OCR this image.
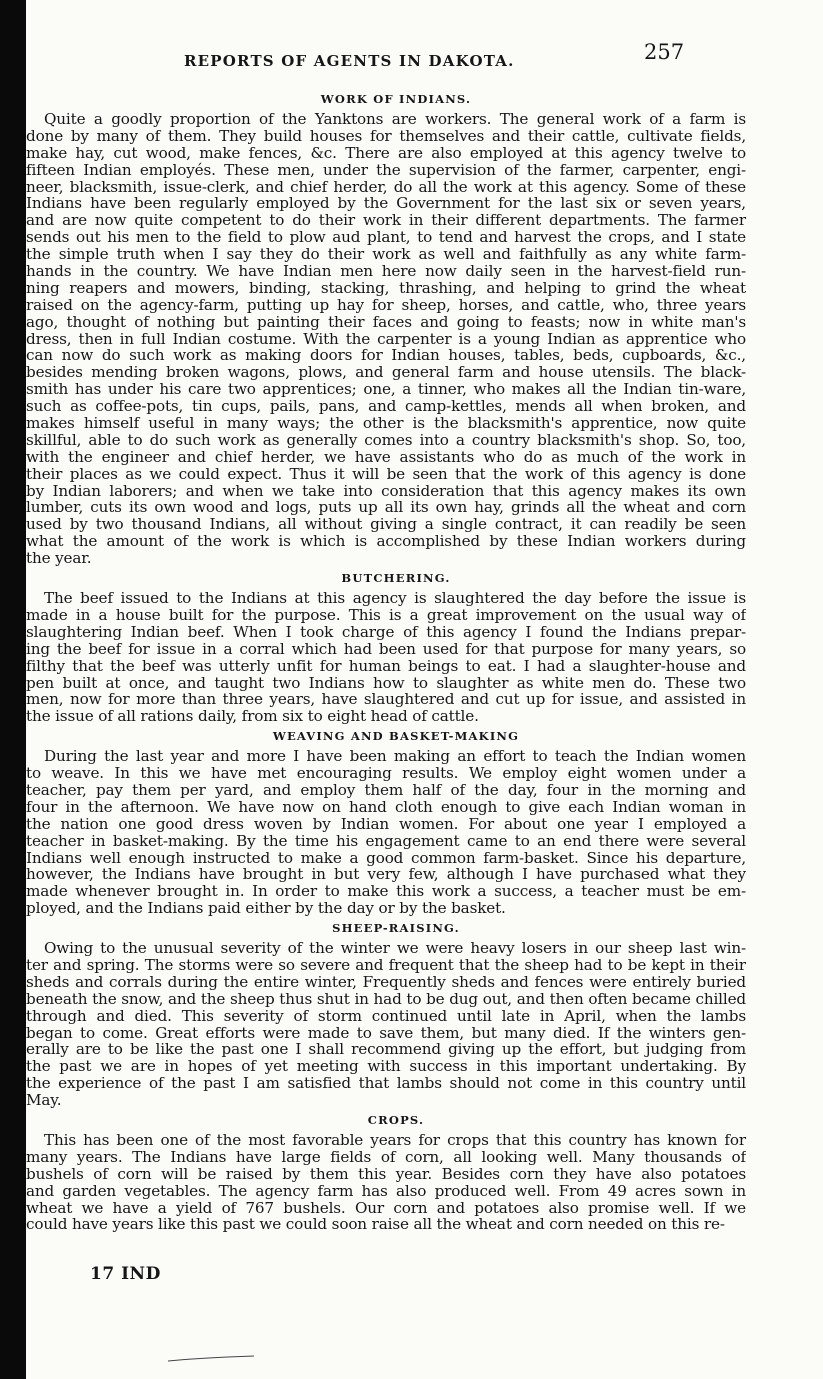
REPORTS OF AGENTS IN DAKOTA.	257
WORK OF INDIANS.
Quite a goodly proportion of the Yanktons are workers. The general work of a farm is
done by many of them. They build houses for themselves and their cattle, cultivate fields,
make hay, cut wood, make fences, &c. There are also employed at this agency twelve to
fifteen Indian employés. These men, under the supervision of the farmer, carpenter, engi-
neer, blacksmith, issue-clerk, and chief herder, do all the work at this agency. Some of these
Indians have been regularly employed by the Government for the last six or seven years,
and are now quite competent to do their work in their different departments. The farmer
sends out his men to the field to plow aud plant, to tend and harvest the crops, and I state
the simple truth when I say they do their work as well and faithfully as any white farm-
hands in the country. We have Indian men here now daily seen in the harvest-field run-
ning reapers and mowers, binding, stacking, thrashing, and helping to grind the wheat
raised on the agency-farm, putting up hay for sheep, horses, and cattle, who, three years
ago, thought of nothing but painting their faces and going to feasts; now in white man's
dress, then in full Indian costume. With the carpenter is a young Indian as apprentice who
can now do such work as making doors for Indian houses, tables, beds, cupboards, &c.,
besides mending broken wagons, plows, and general farm and house utensils. The black-
smith has under his care two apprentices; one, a tinner, who makes all the Indian tin-ware,
such as coffee-pots, tin cups, pails, pans, and camp-kettles, mends all when broken, and
makes himself useful in many ways; the other is the blacksmith's apprentice, now quite
skillful, able to do such work as generally comes into a country blacksmith's shop. So, too,
with the engineer and chief herder, we have assistants who do as much of the work in
their places as we could expect. Thus it will be seen that the work of this agency is done
by Indian laborers; and when we take into consideration that this agency makes its own
lumber, cuts its own wood and logs, puts up all its own hay, grinds all the wheat and corn
used by two thousand Indians, all without giving a single contract, it can readily be seen
what the amount of the work is which is accomplished by these Indian workers during
the year.
BUTCHERING.
The beef issued to the Indians at this agency is slaughtered the day before the issue is
made in a house built for the purpose. This is a great improvement on the usual way of
slaughtering Indian beef. When I took charge of this agency I found the Indians prepar-
ing the beef for issue in a corral which had been used for that purpose for many years, so
filthy that the beef was utterly unfit for human beings to eat. I had a slaughter-house and
pen built at once, and taught two Indians how to slaughter as white men do. These two
men, now for more than three years, have slaughtered and cut up for issue, and assisted in
the issue of all rations daily, from six to eight head of cattle.
WEAVING AND BASKET-MAKING
During the last year and more I have been making an effort to teach the Indian women
to weave. In this we have met encouraging results. We employ eight women under a
teacher, pay them per yard, and employ them half of the day, four in the morning and
four in the afternoon. We have now on hand cloth enough to give each Indian woman in
the nation one good dress woven by Indian women. For about one year I employed a
teacher in basket-making. By the time his engagement came to an end there were several
Indians well enough instructed to make a good common farm-basket. Since his departure,
however, the Indians have brought in but very few, although I have purchased what they
made whenever brought in. In order to make this work a success, a teacher must be em-
ployed, and the Indians paid either by the day or by the basket.
SHEEP-RAISING.
Owing to the unusual severity of the winter we were heavy losers in our sheep last win-
ter and spring. The storms were so severe and frequent that the sheep had to be kept in their
sheds and corrals during the entire winter, Frequently sheds and fences were entirely buried
beneath the snow, and the sheep thus shut in had to be dug out, and then often became chilled
through and died. This severity of storm continued until late in April, when the lambs
began to come. Great efforts were made to save them, but many died. If the winters gen-
erally are to be like the past one I shall recommend giving up the effort, but judging from
the past we are in hopes of yet meeting with success in this important undertaking. By
the experience of the past I am satisfied that lambs should not come in this country until
May.
CROPS.
This has been one of the most favorable years for crops that this country has known for
many years. The Indians have large fields of corn, all looking well. Many thousands of
bushels of corn will be raised by them this year. Besides corn they have also potatoes
and garden vegetables. The agency farm has also produced well. From 49 acres sown in
wheat we have a yield of 767 bushels. Our corn and potatoes also promise well. If we
could have years like this past we could soon raise all the wheat and corn needed on this re-
17 IND
